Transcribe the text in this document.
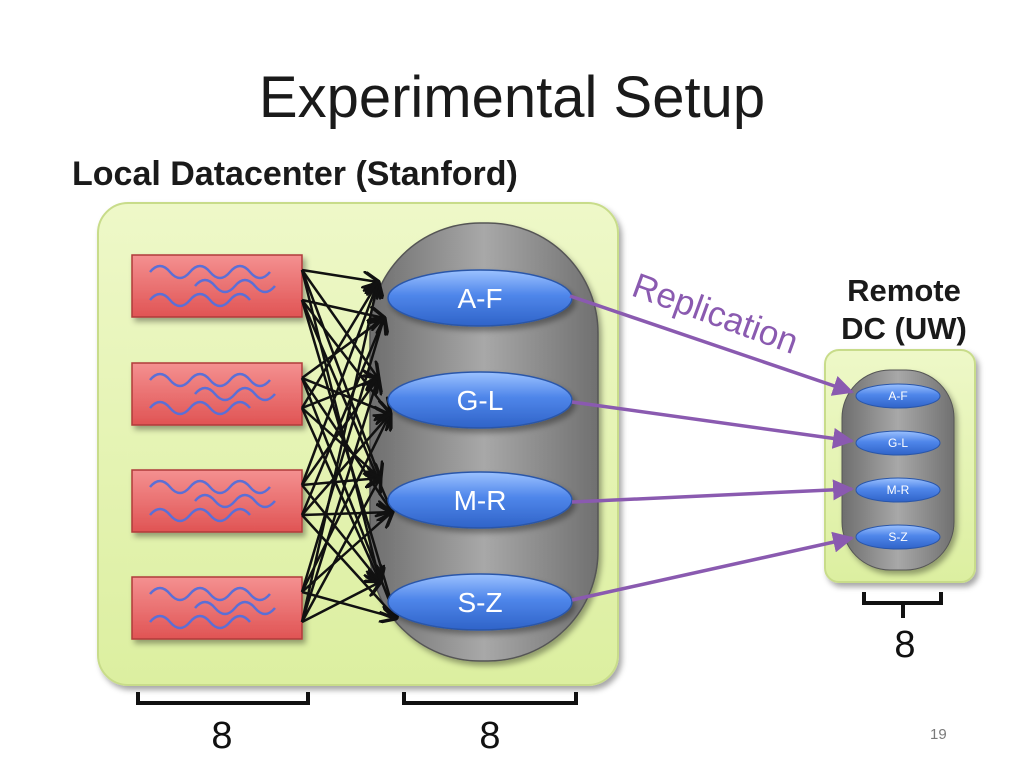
A-F
G-L
M-R
S-Z
A-F
G-L
M-R
S-Z
Replication
8	8
8
Experimental Setup
Local Datacenter (Stanford)
Remote
DC (UW)
19
